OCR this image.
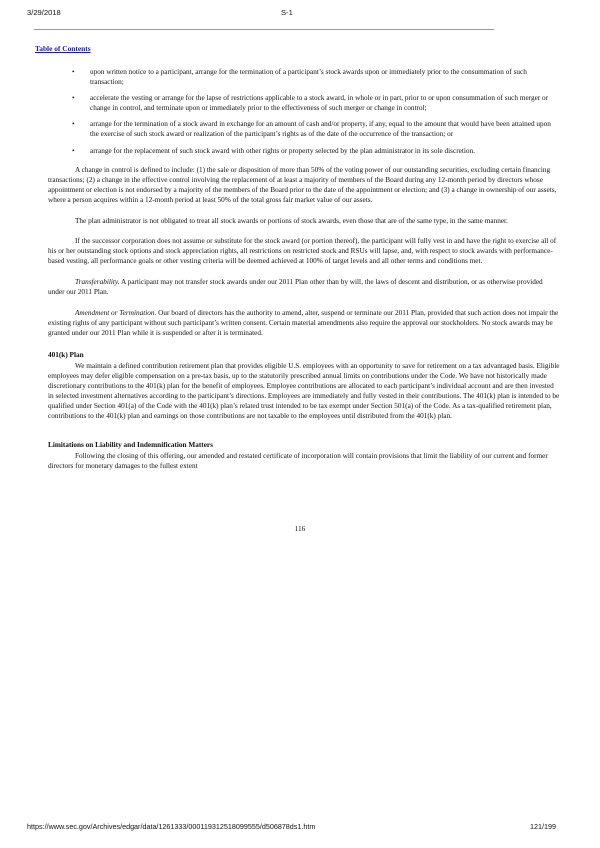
3/29/2018	S-1
Table of Contents
• upon written notice to a participant, arrange for the termination of a participant’s stock awards upon or immediately prior to the consummation of such transaction;
• accelerate the vesting or arrange for the lapse of restrictions applicable to a stock award, in whole or in part, prior to or upon consummation of such merger or change in control, and terminate upon or immediately prior to the effectiveness of such merger or change in control;
• arrange for the termination of a stock award in exchange for an amount of cash and/or property, if any, equal to the amount that would have been attained upon the exercise of such stock award or realization of the participant’s rights as of the date of the occurrence of the transaction; or
• arrange for the replacement of such stock award with other rights or property selected by the plan administrator in its sole discretion.

A change in control is defined to include: (1) the sale or disposition of more than 50% of the voting power of our outstanding securities, excluding certain financing transactions; (2) a change in the effective control involving the replacement of at least a majority of members of the Board during any 12-month period by directors whose appointment or election is not endorsed by a majority of the members of the Board prior to the date of the appointment or election; and (3) a change in ownership of our assets, where a person acquires within a 12-month period at least 50% of the total gross fair market value of our assets.

The plan administrator is not obligated to treat all stock awards or portions of stock awards, even those that are of the same type, in the same manner.

If the successor corporation does not assume or substitute for the stock award (or portion thereof), the participant will fully vest in and have the right to exercise all of his or her outstanding stock options and stock appreciation rights, all restrictions on restricted stock and RSUs will lapse, and, with respect to stock awards with performance-based vesting, all performance goals or other vesting criteria will be deemed achieved at 100% of target levels and all other terms and conditions met.

Transferability. A participant may not transfer stock awards under our 2011 Plan other than by will, the laws of descent and distribution, or as otherwise provided under our 2011 Plan.

Amendment or Termination. Our board of directors has the authority to amend, alter, suspend or terminate our 2011 Plan, provided that such action does not impair the existing rights of any participant without such participant’s written consent. Certain material amendments also require the approval our stockholders. No stock awards may be granted under our 2011 Plan while it is suspended or after it is terminated.

401(k) Plan

We maintain a defined contribution retirement plan that provides eligible U.S. employees with an opportunity to save for retirement on a tax advantaged basis. Eligible employees may defer eligible compensation on a pre-tax basis, up to the statutorily prescribed annual limits on contributions under the Code. We have not historically made discretionary contributions to the 401(k) plan for the benefit of employees. Employee contributions are allocated to each participant’s individual account and are then invested in selected investment alternatives according to the participant’s directions. Employees are immediately and fully vested in their contributions. The 401(k) plan is intended to be qualified under Section 401(a) of the Code with the 401(k) plan’s related trust intended to be tax exempt under Section 501(a) of the Code. As a tax-qualified retirement plan, contributions to the 401(k) plan and earnings on those contributions are not taxable to the employees until distributed from the 401(k) plan.

Limitations on Liability and Indemnification Matters

Following the closing of this offering, our amended and restated certificate of incorporation will contain provisions that limit the liability of our current and former directors for monetary damages to the fullest extent

116
https://www.sec.gov/Archives/edgar/data/1261333/000119312518099555/d506878ds1.htm	121/199
